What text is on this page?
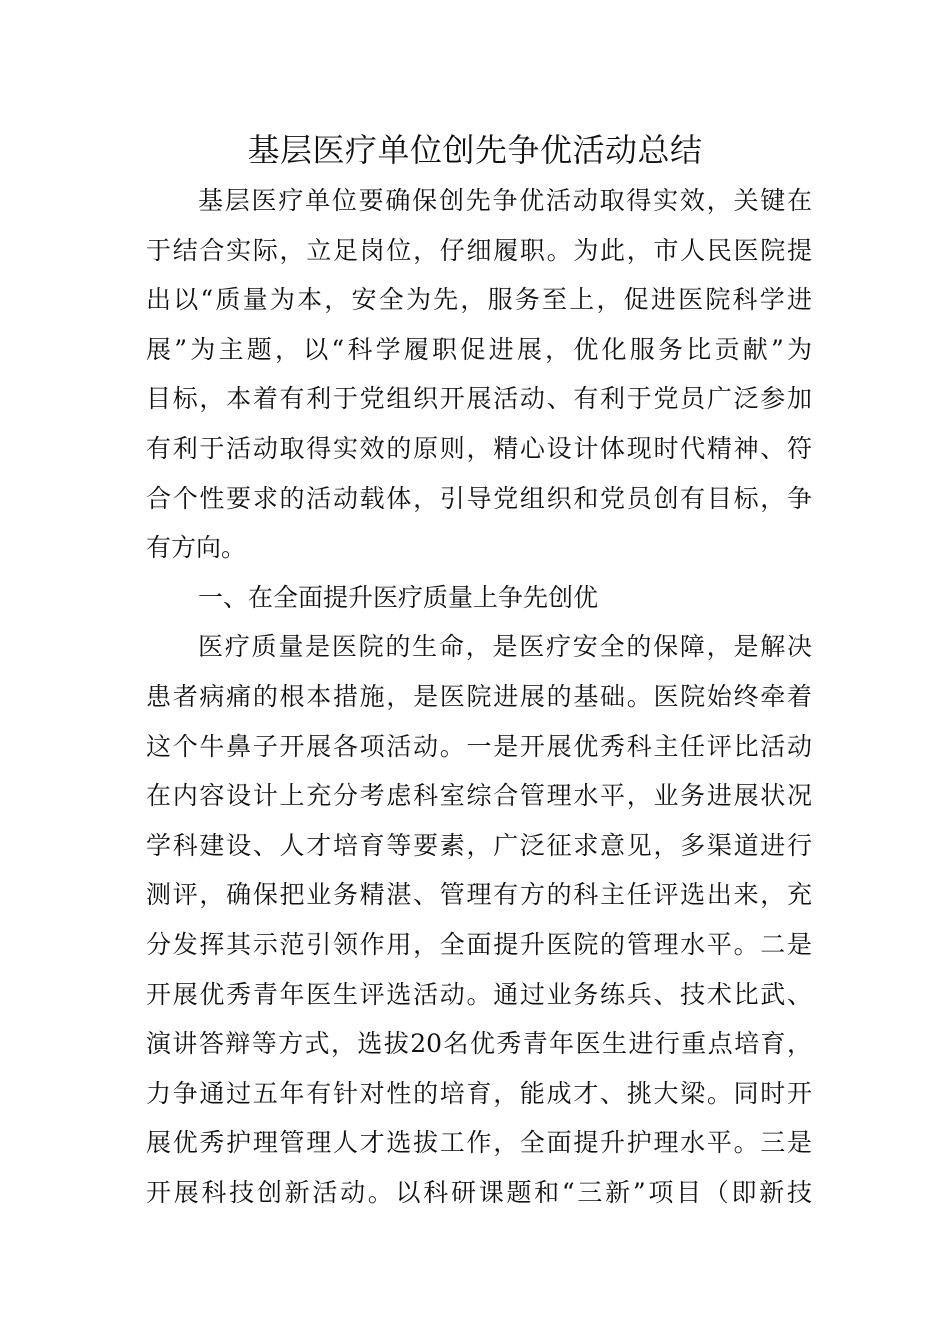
基层医疗单位创先争优活动总结
基层医疗单位要确保创先争优活动取得实效，关键在
于结合实际，立足岗位，仔细履职。为此，市人民医院提
出以“质量为本，安全为先，服务至上，促进医院科学进
展”为主题，以“科学履职促进展，优化服务比贡献”为
目标，本着有利于党组织开展活动、有利于党员广泛参加
有利于活动取得实效的原则，精心设计体现时代精神、符
合个性要求的活动载体，引导党组织和党员创有目标，争
有方向。
一、在全面提升医疗质量上争先创优
医疗质量是医院的生命，是医疗安全的保障，是解决
患者病痛的根本措施，是医院进展的基础。医院始终牵着
这个牛鼻子开展各项活动。一是开展优秀科主任评比活动
在内容设计上充分考虑科室综合管理水平，业务进展状况
学科建设、人才培育等要素，广泛征求意见，多渠道进行
测评，确保把业务精湛、管理有方的科主任评选出来，充
分发挥其示范引领作用，全面提升医院的管理水平。二是
开展优秀青年医生评选活动。通过业务练兵、技术比武、
演讲答辩等方式，选拔20名优秀青年医生进行重点培育，
力争通过五年有针对性的培育，能成才、挑大梁。同时开
展优秀护理管理人才选拔工作，全面提升护理水平。三是
开展科技创新活动。以科研课题和“三新”项目（即新技
